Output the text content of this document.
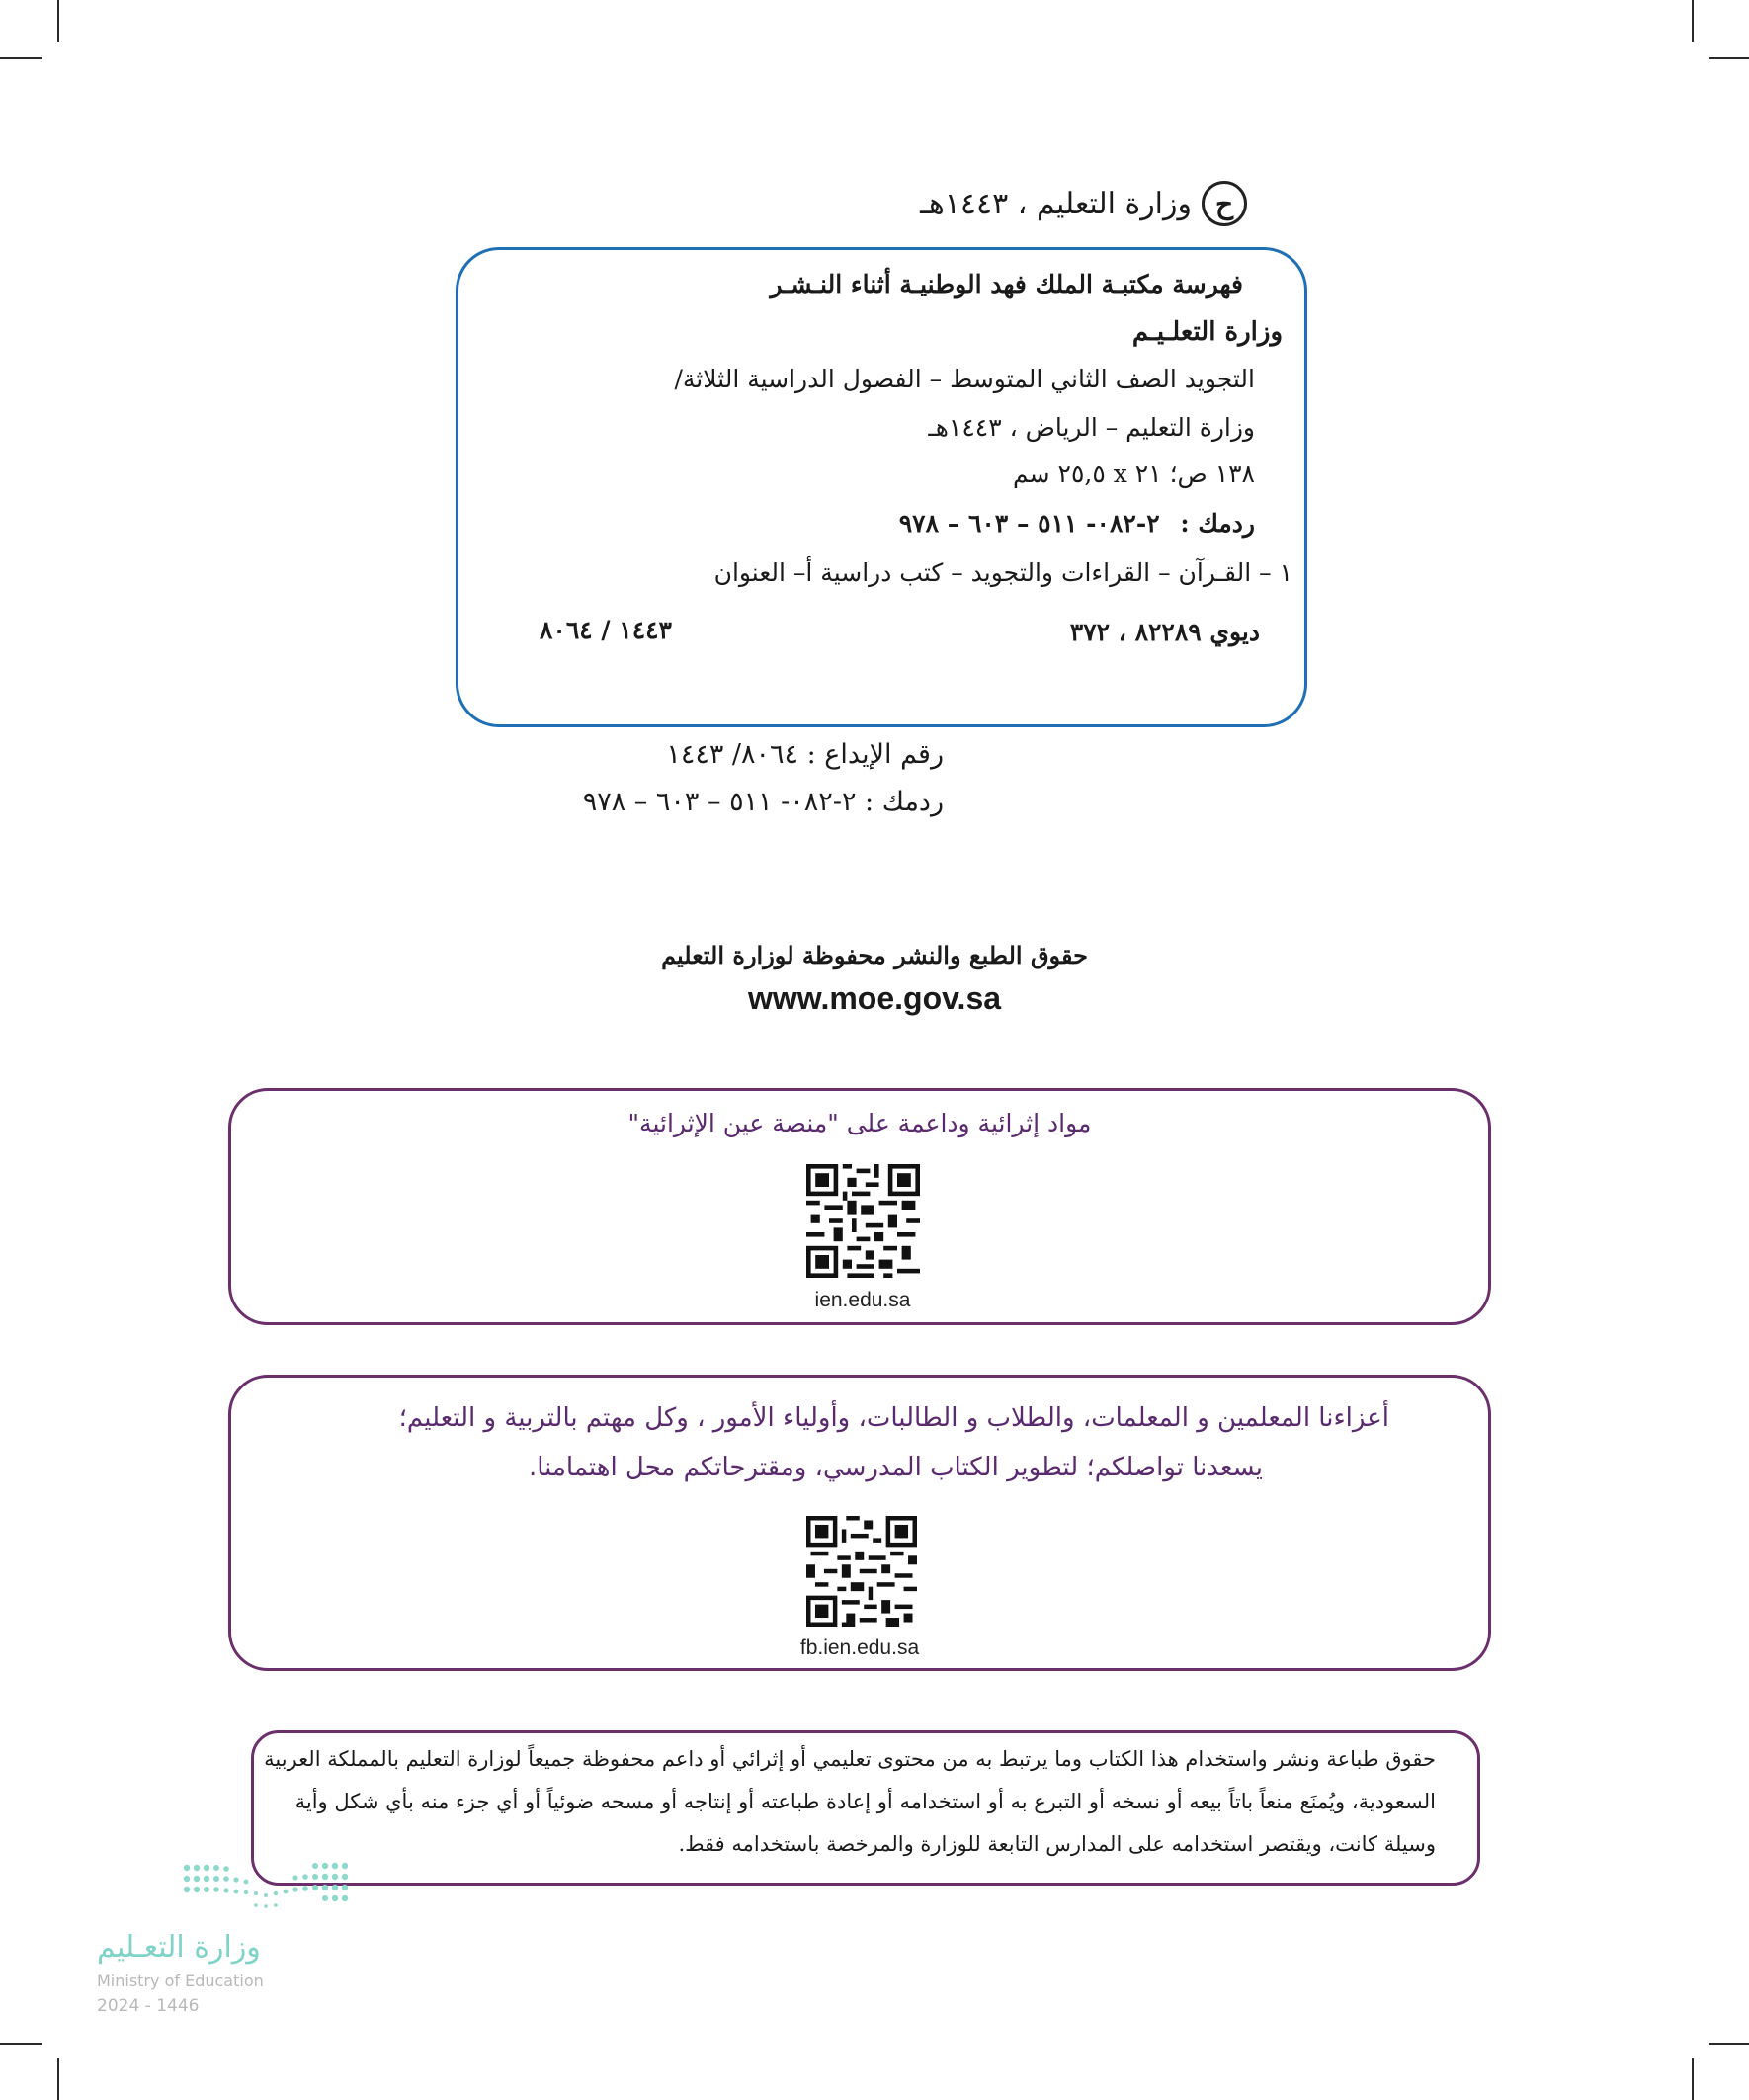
ح
وزارة التعليم ، ١٤٤٣هـ
فهرسة مكتبـة الملك فهد الوطنيـة أثناء النـشـر
وزارة التعلـيـم
التجويد الصف الثاني المتوسط – الفصول الدراسية الثلاثة/
وزارة التعليم – الرياض ، ١٤٤٣هـ
١٣٨ ص؛ ٢١ x ٢٥,٥ سم
ردمك : ٢-٠٨٢- ٥١١ – ٦٠٣ – ٩٧٨
١ – القـرآن – القراءات والتجويد – كتب دراسية أ– العنوان
ديوي ٨٢٢٨٩ ، ٣٧٢
١٤٤٣ / ٨٠٦٤
رقم الإيداع : ٨٠٦٤/ ١٤٤٣
ردمك : ٢-٠٨٢- ٥١١ – ٦٠٣ – ٩٧٨
حقوق الطبع والنشر محفوظة لوزارة التعليم
www.moe.gov.sa
مواد إثرائية وداعمة على "منصة عين الإثرائية"
ien.edu.sa
أعزاءنا المعلمين و المعلمات، والطلاب و الطالبات، وأولياء الأمور ، وكل مهتم بالتربية و التعليم؛
يسعدنا تواصلكم؛ لتطوير الكتاب المدرسي، ومقترحاتكم محل اهتمامنا.
fb.ien.edu.sa
حقوق طباعة ونشر واستخدام هذا الكتاب وما يرتبط به من محتوى تعليمي أو إثرائي أو داعم محفوظة جميعاً لوزارة التعليم بالمملكة العربية
السعودية، ويُمنَع منعاً باتاً بيعه أو نسخه أو التبرع به أو استخدامه أو إعادة طباعته أو إنتاجه أو مسحه ضوئياً أو أي جزء منه بأي شكل وأية
وسيلة كانت، ويقتصر استخدامه على المدارس التابعة للوزارة والمرخصة باستخدامه فقط.
وزارة التعـليم
Ministry of Education
2024 - 1446
